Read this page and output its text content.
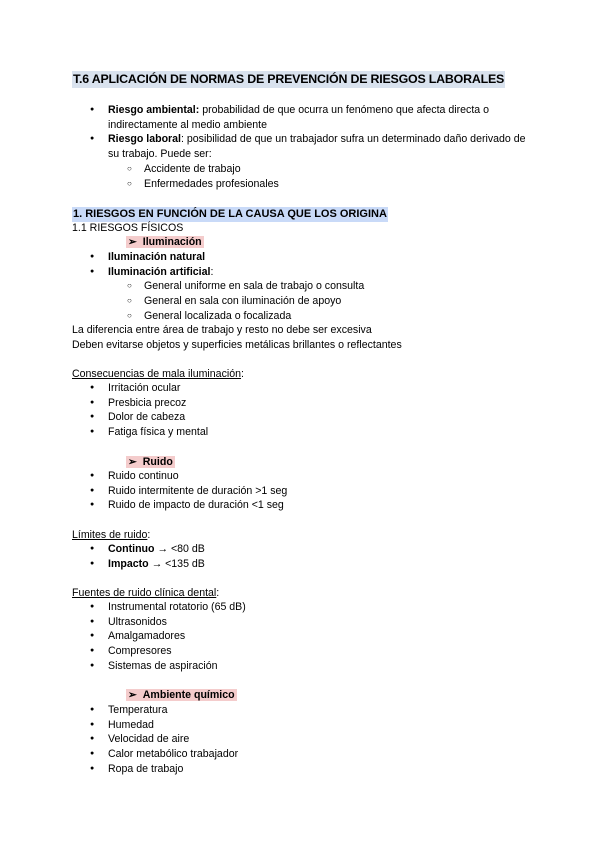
T.6 APLICACIÓN DE NORMAS DE PREVENCIÓN DE RIESGOS LABORALES
● Riesgo ambiental: probabilidad de que ocurra un fenómeno que afecta directa o indirectamente al medio ambiente
● Riesgo laboral: posibilidad de que un trabajador sufra un determinado daño derivado de su trabajo. Puede ser:
○ Accidente de trabajo
○ Enfermedades profesionales
1. RIESGOS EN FUNCIÓN DE LA CAUSA QUE LOS ORIGINA
1.1 RIESGOS FÍSICOS
➢ Iluminación
● Iluminación natural
● Iluminación artificial:
○ General uniforme en sala de trabajo o consulta
○ General en sala con iluminación de apoyo
○ General localizada o focalizada
La diferencia entre área de trabajo y resto no debe ser excesiva
Deben evitarse objetos y superficies metálicas brillantes o reflectantes
Consecuencias de mala iluminación:
● Irritación ocular
● Presbicia precoz
● Dolor de cabeza
● Fatiga física y mental
➢ Ruido
● Ruido continuo
● Ruido intermitente de duración >1 seg
● Ruido de impacto de duración <1 seg
Límites de ruido:
● Continuo → <80 dB
● Impacto → <135 dB
Fuentes de ruido clínica dental:
● Instrumental rotatorio (65 dB)
● Ultrasonidos
● Amalgamadores
● Compresores
● Sistemas de aspiración
➢ Ambiente químico
● Temperatura
● Humedad
● Velocidad de aire
● Calor metabólico trabajador
● Ropa de trabajo
